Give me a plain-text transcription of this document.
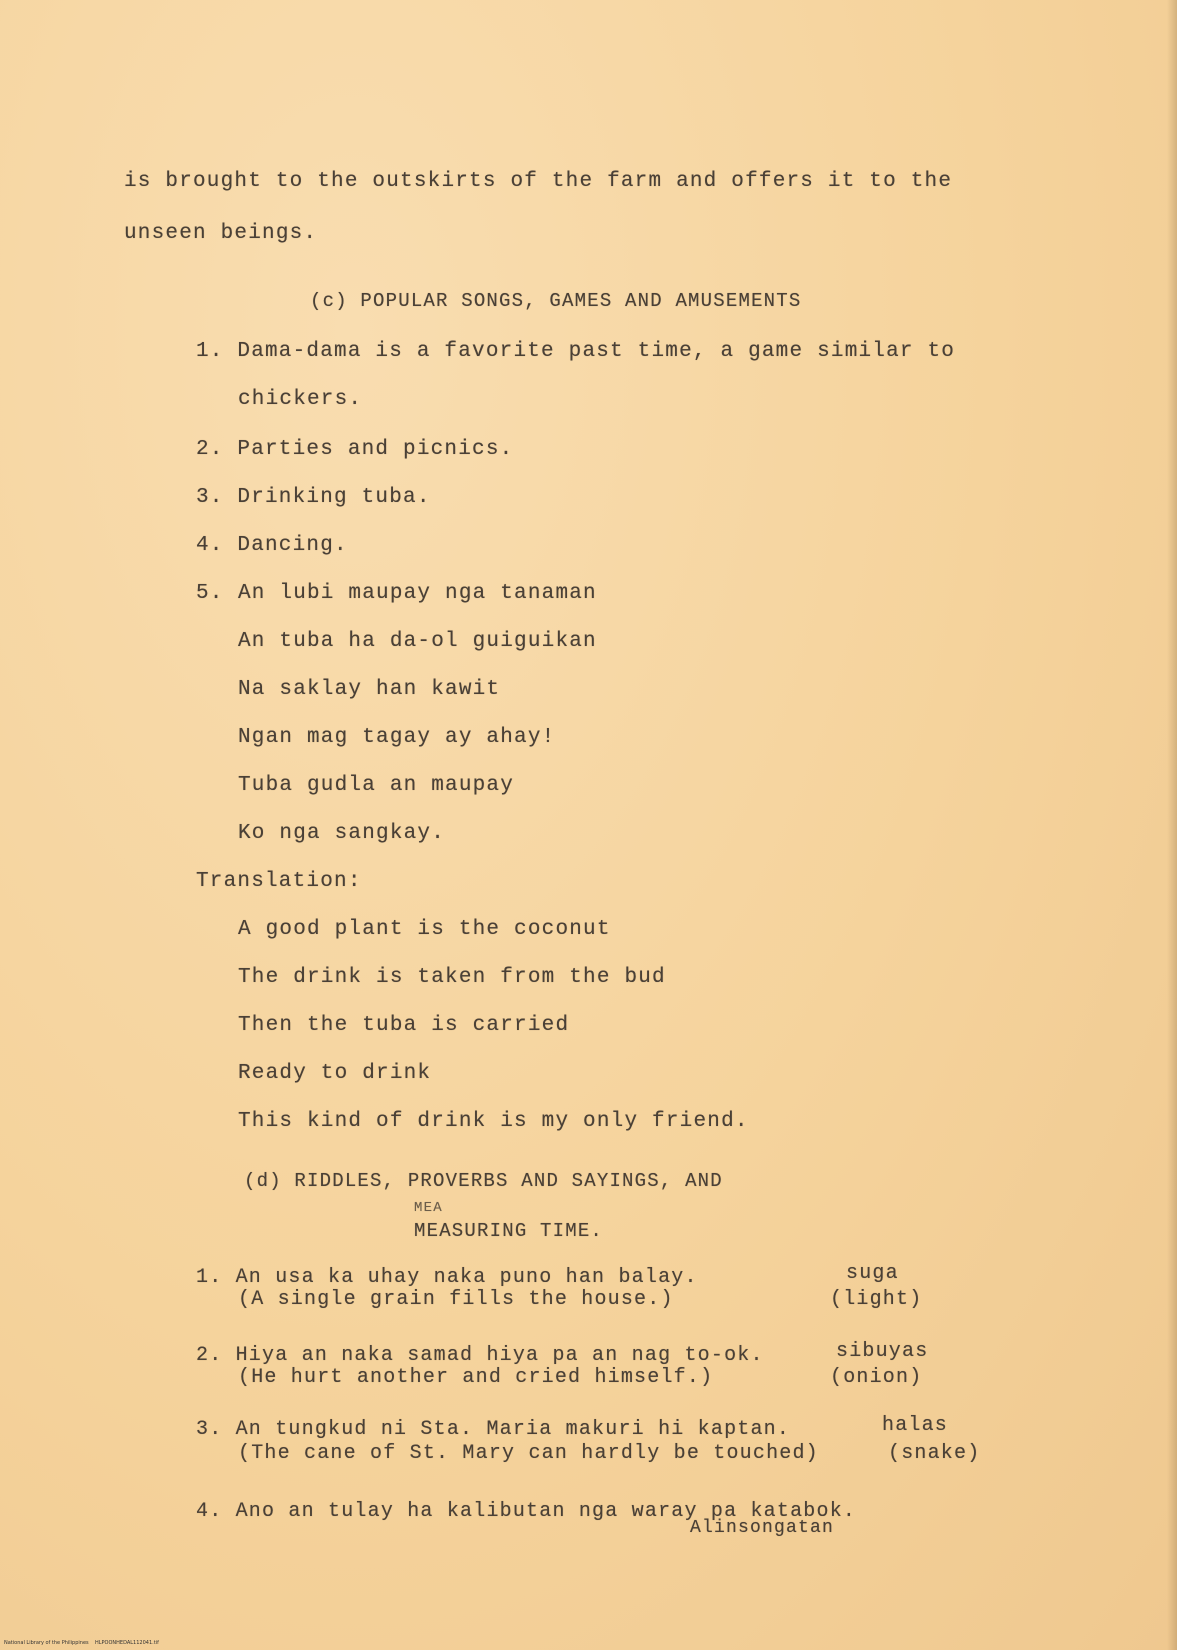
is brought to the outskirts of the farm and offers it to the
unseen beings.
(c) POPULAR SONGS, GAMES AND AMUSEMENTS
1. Dama-dama is a favorite past time, a game similar to
chickers.
2. Parties and picnics.
3. Drinking tuba.
4. Dancing.
5. An lubi maupay nga tanaman
An tuba ha da-ol guiguikan
Na saklay han kawit
Ngan mag tagay ay ahay!
Tuba gudla an maupay
Ko nga sangkay.
Translation:
A good plant is the coconut
The drink is taken from the bud
Then the tuba is carried
Ready to drink
This kind of drink is my only friend.
(d) RIDDLES, PROVERBS AND SAYINGS, AND
MEA
MEASURING TIME.
1. An usa ka uhay naka puno han balay.	suga
(A single grain fills the house.)	(light)
2. Hiya an naka samad hiya pa an nag to-ok.	sibuyas
(He hurt another and cried himself.)	(onion)
3. An tungkud ni Sta. Maria makuri hi kaptan.	halas
(The cane of St. Mary can hardly be touched)	(snake)
4. Ano an tulay ha kalibutan nga waray pa katabok.
Alinsongatan
National Library of the Philippines    HLPOONHEDAL112041.tif
